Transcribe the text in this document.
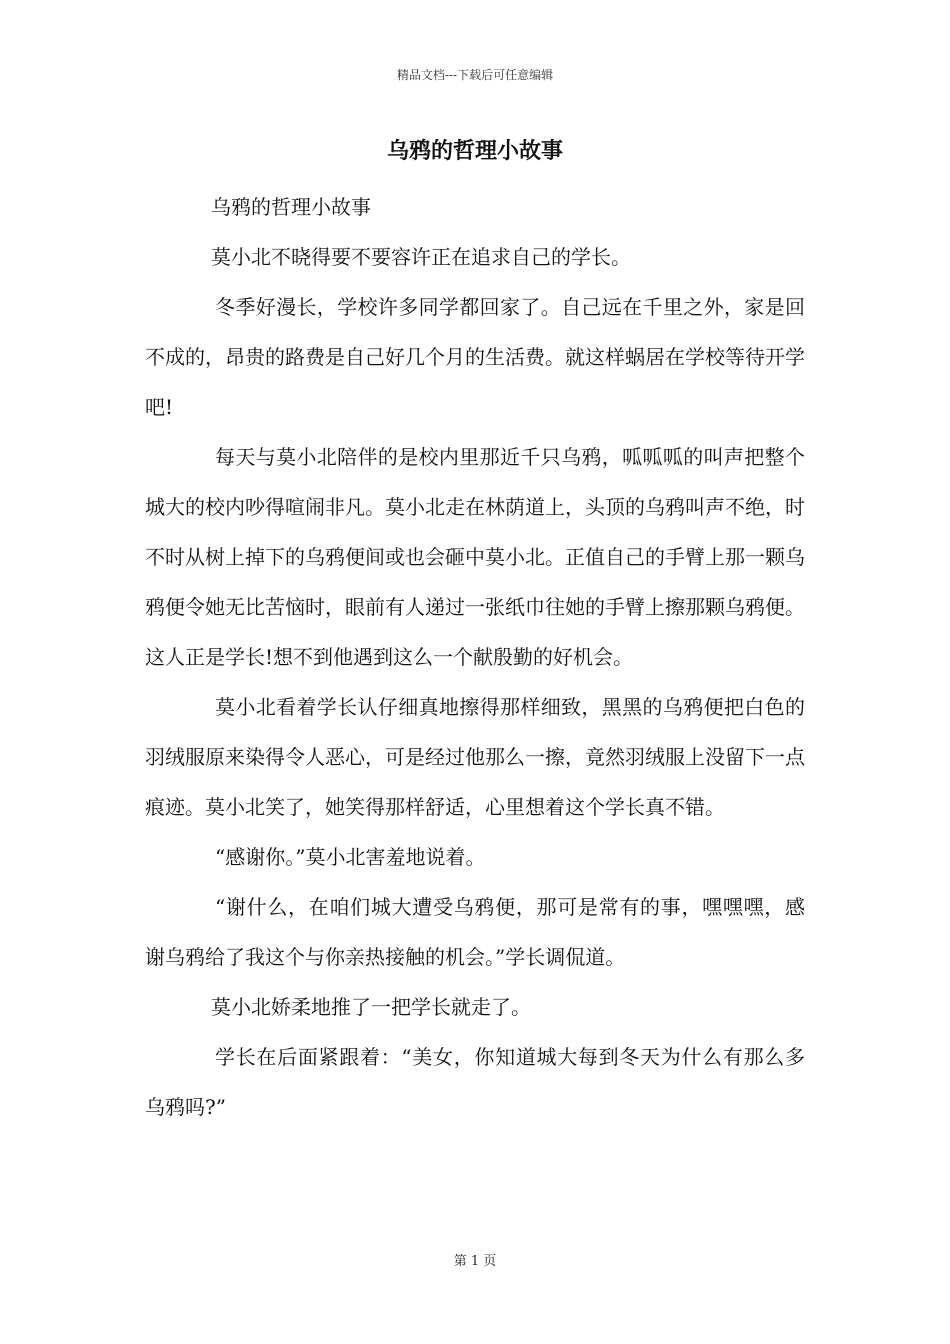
精品文档---下载后可任意编辑
乌鸦的哲理小故事

乌鸦的哲理小故事

莫小北不晓得要不要容许正在追求自己的学长。

冬季好漫长，学校许多同学都回家了。自己远在千里之外，家是回不成的，昂贵的路费是自己好几个月的生活费。就这样蜗居在学校等待开学吧!

每天与莫小北陪伴的是校内里那近千只乌鸦，呱呱呱的叫声把整个城大的校内吵得喧闹非凡。莫小北走在林荫道上，头顶的乌鸦叫声不绝，时不时从树上掉下的乌鸦便间或也会砸中莫小北。正值自己的手臂上那一颗乌鸦便令她无比苦恼时，眼前有人递过一张纸巾往她的手臂上擦那颗乌鸦便。这人正是学长!想不到他遇到这么一个献殷勤的好机会。

莫小北看着学长认仔细真地擦得那样细致，黑黑的乌鸦便把白色的羽绒服原来染得令人恶心，可是经过他那么一擦，竟然羽绒服上没留下一点痕迹。莫小北笑了，她笑得那样舒适，心里想着这个学长真不错。

“感谢你。”莫小北害羞地说着。

“谢什么，在咱们城大遭受乌鸦便，那可是常有的事，嘿嘿嘿，感谢乌鸦给了我这个与你亲热接触的机会。”学长调侃道。

莫小北娇柔地推了一把学长就走了。

学长在后面紧跟着：“美女，你知道城大每到冬天为什么有那么多乌鸦吗?”

第 1 页
